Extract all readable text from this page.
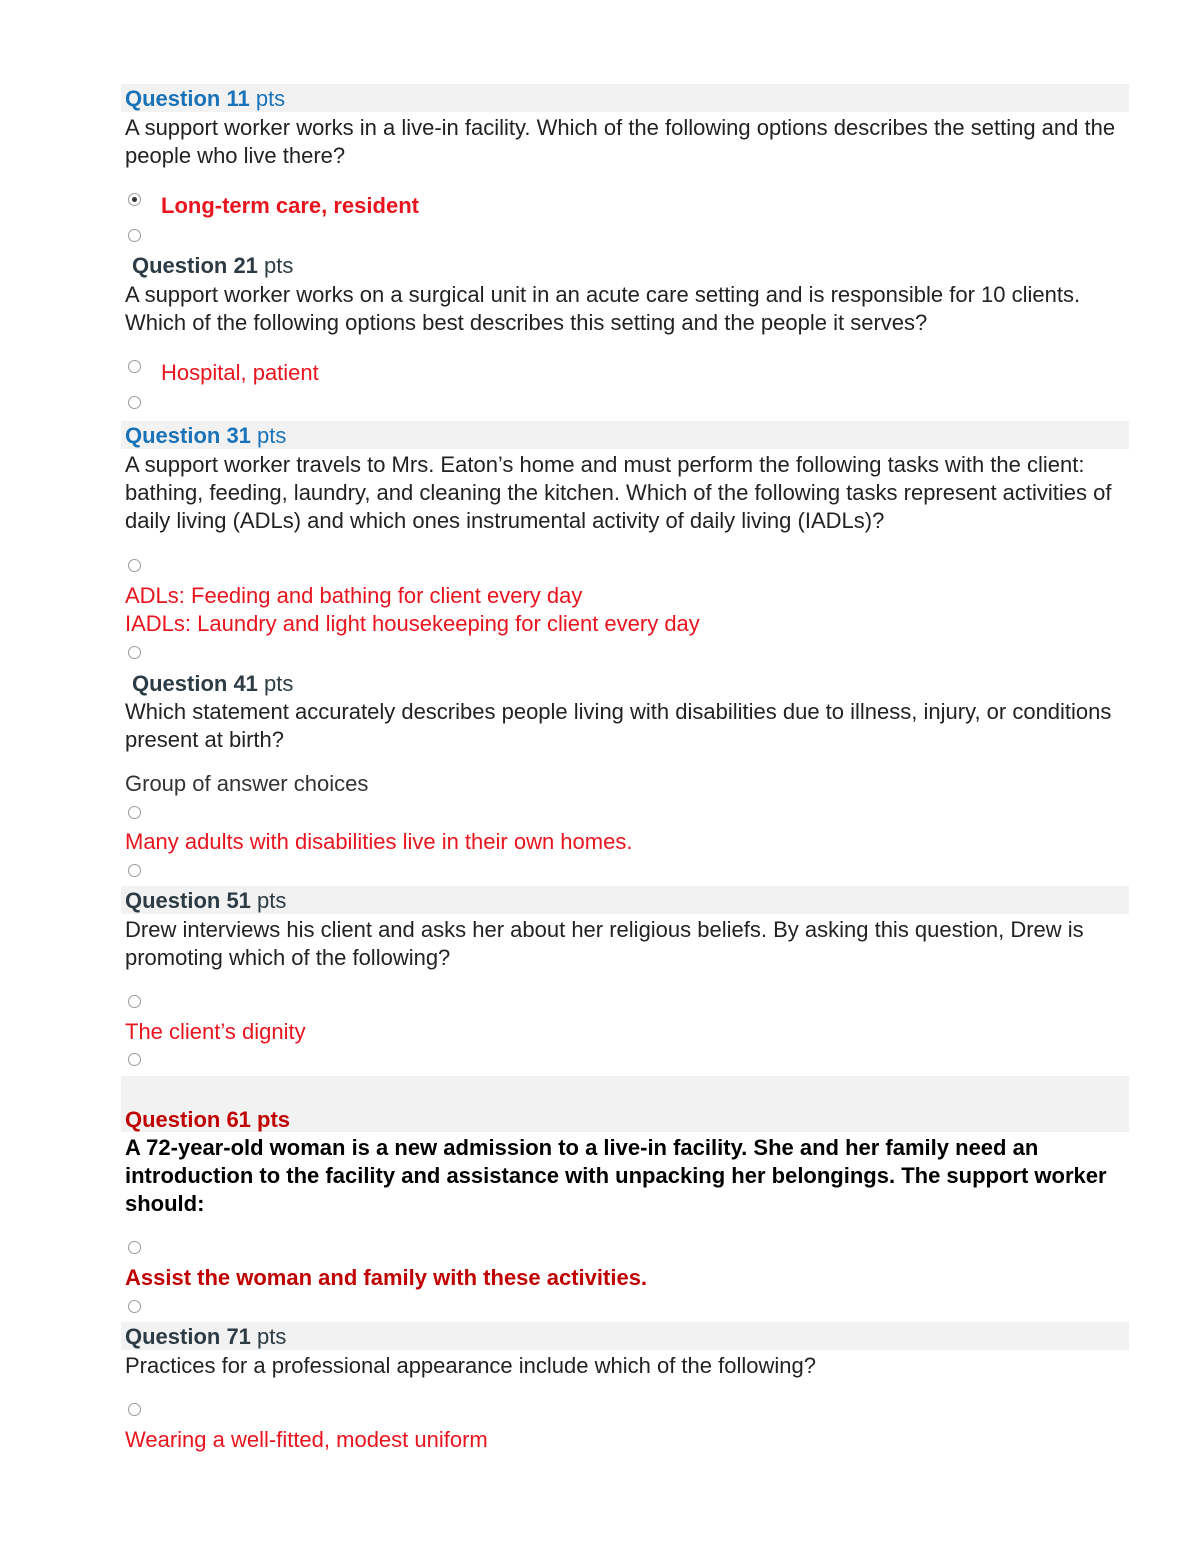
Question 11 pts
A support worker works in a live-in facility. Which of the following options describes the setting and the people who live there?
Long-term care, resident
Question 21 pts
A support worker works on a surgical unit in an acute care setting and is responsible for 10 clients. Which of the following options best describes this setting and the people it serves?
Hospital, patient
Question 31 pts
A support worker travels to Mrs. Eaton’s home and must perform the following tasks with the client: bathing, feeding, laundry, and cleaning the kitchen. Which of the following tasks represent activities of daily living (ADLs) and which ones instrumental activity of daily living (IADLs)?
ADLs: Feeding and bathing for client every day
IADLs: Laundry and light housekeeping for client every day
Question 41 pts
Which statement accurately describes people living with disabilities due to illness, injury, or conditions present at birth?
Group of answer choices
Many adults with disabilities live in their own homes.
Question 51 pts
Drew interviews his client and asks her about her religious beliefs. By asking this question, Drew is promoting which of the following?
The client’s dignity
Question 61 pts
A 72-year-old woman is a new admission to a live-in facility. She and her family need an introduction to the facility and assistance with unpacking her belongings. The support worker should:
Assist the woman and family with these activities.
Question 71 pts
Practices for a professional appearance include which of the following?
Wearing a well-fitted, modest uniform
